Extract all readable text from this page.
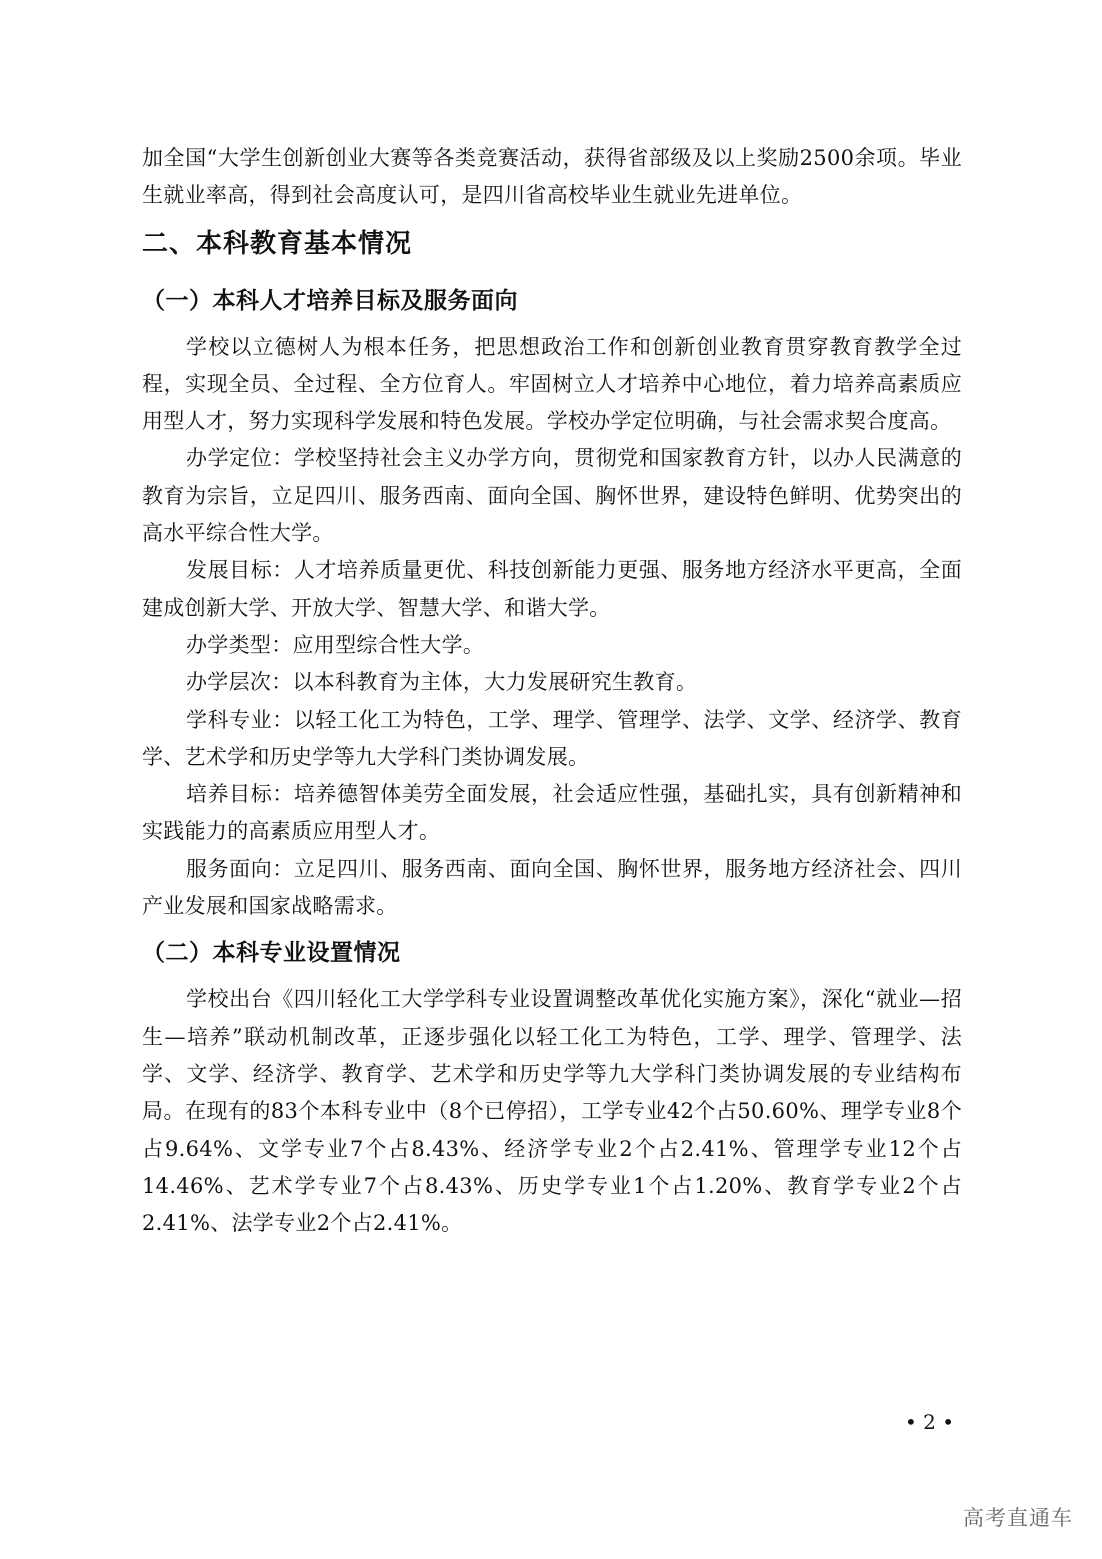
加全国“大学生创新创业大赛等各类竞赛活动，获得省部级及以上奖励2500余项。毕业生就业率高，得到社会高度认可，是四川省高校毕业生就业先进单位。

二、本科教育基本情况
（一）本科人才培养目标及服务面向

学校以立德树人为根本任务，把思想政治工作和创新创业教育贯穿教育教学全过程，实现全员、全过程、全方位育人。牢固树立人才培养中心地位，着力培养高素质应用型人才，努力实现科学发展和特色发展。学校办学定位明确，与社会需求契合度高。

办学定位：学校坚持社会主义办学方向，贯彻党和国家教育方针，以办人民满意的教育为宗旨，立足四川、服务西南、面向全国、胸怀世界，建设特色鲜明、优势突出的高水平综合性大学。

发展目标：人才培养质量更优、科技创新能力更强、服务地方经济水平更高，全面建成创新大学、开放大学、智慧大学、和谐大学。

办学类型：应用型综合性大学。

办学层次：以本科教育为主体，大力发展研究生教育。

学科专业：以轻工化工为特色，工学、理学、管理学、法学、文学、经济学、教育学、艺术学和历史学等九大学科门类协调发展。

培养目标：培养德智体美劳全面发展，社会适应性强，基础扎实，具有创新精神和实践能力的高素质应用型人才。

服务面向：立足四川、服务西南、面向全国、胸怀世界，服务地方经济社会、四川产业发展和国家战略需求。

（二）本科专业设置情况

学校出台《四川轻化工大学学科专业设置调整改革优化实施方案》，深化“就业—招生—培养”联动机制改革，正逐步强化以轻工化工为特色，工学、理学、管理学、法学、文学、经济学、教育学、艺术学和历史学等九大学科门类协调发展的专业结构布局。在现有的83个本科专业中（8个已停招），工学专业42个占50.60%、理学专业8个占9.64%、文学专业7个占8.43%、经济学专业2个占2.41%、管理学专业12个占14.46%、艺术学专业7个占8.43%、历史学专业1个占1.20%、教育学专业2个占2.41%、法学专业2个占2.41%。

• 2 •
高考直通车
